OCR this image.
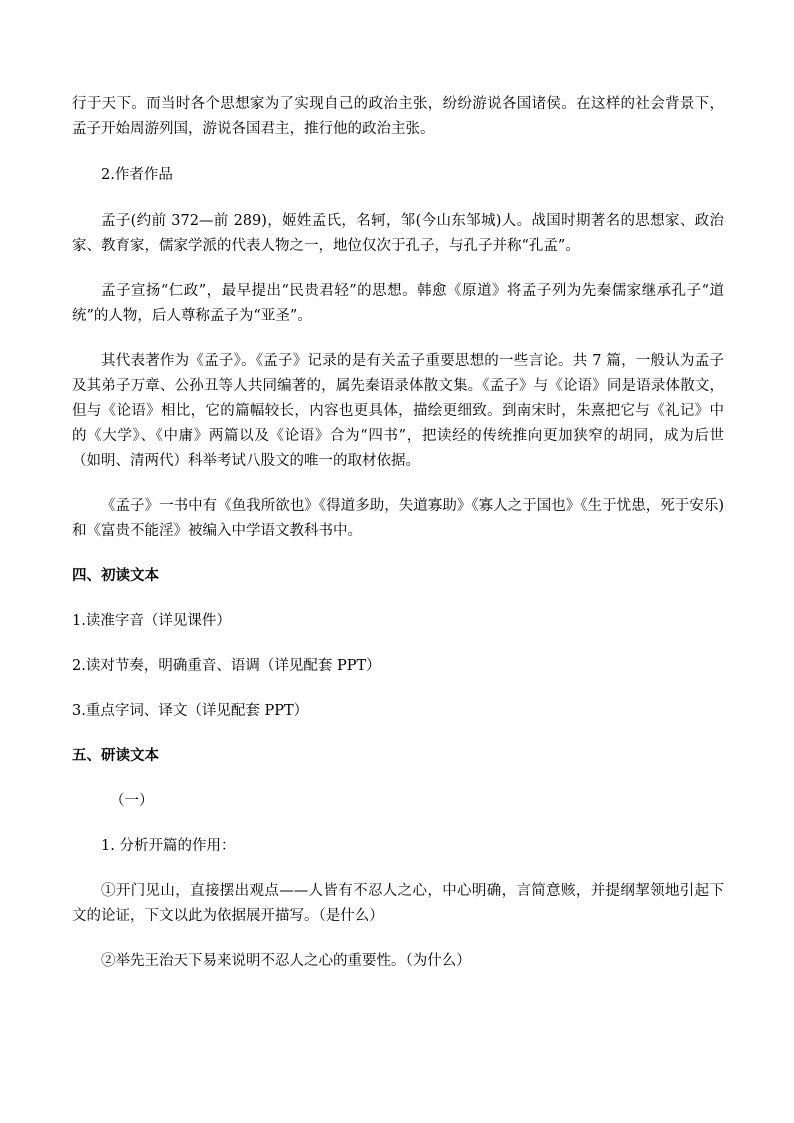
行于天下。而当时各个思想家为了实现自己的政治主张，纷纷游说各国诸侯。在这样的社会背景下，孟子开始周游列国，游说各国君主，推行他的政治主张。

2.作者作品

孟子(约前 372—前 289)，姬姓孟氏，名轲，邹(今山东邹城)人。战国时期著名的思想家、政治家、教育家，儒家学派的代表人物之一，地位仅次于孔子，与孔子并称“孔孟”。

孟子宣扬“仁政”，最早提出“民贵君轻”的思想。韩愈《原道》将孟子列为先秦儒家继承孔子“道统”的人物，后人尊称孟子为“亚圣”。

其代表著作为《孟子》。《孟子》记录的是有关孟子重要思想的一些言论。共 7 篇，一般认为孟子及其弟子万章、公孙丑等人共同编著的，属先秦语录体散文集。《孟子》与《论语》同是语录体散文，但与《论语》相比，它的篇幅较长，内容也更具体，描绘更细致。到南宋时，朱熹把它与《礼记》中的《大学》、《中庸》两篇以及《论语》合为“四书”，把读经的传统推向更加狭窄的胡同，成为后世（如明、清两代）科举考试八股文的唯一的取材依据。

《孟子》一书中有《鱼我所欲也》《得道多助，失道寡助》《寡人之于国也》《生于忧患，死于安乐)和《富贵不能淫》被编入中学语文教科书中。

四、初读文本

1.读准字音（详见课件）

2.读对节奏，明确重音、语调（详见配套 PPT）

3.重点字词、译文（详见配套 PPT）

五、研读文本

（一）

1. 分析开篇的作用：

①开门见山，直接摆出观点——人皆有不忍人之心，中心明确，言简意赅，并提纲挈领地引起下文的论证，下文以此为依据展开描写。（是什么）

②举先王治天下易来说明不忍人之心的重要性。（为什么）
